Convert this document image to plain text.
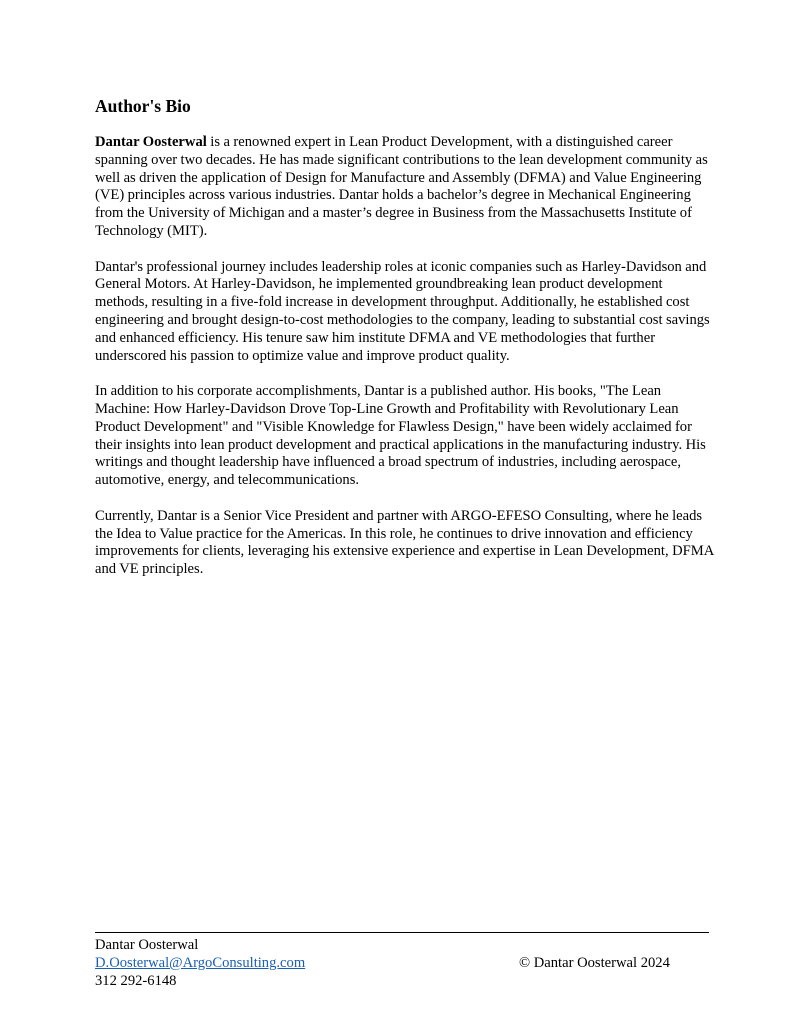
Author's Bio

Dantar Oosterwal is a renowned expert in Lean Product Development, with a distinguished career spanning over two decades. He has made significant contributions to the lean development community as well as driven the application of Design for Manufacture and Assembly (DFMA) and Value Engineering (VE) principles across various industries. Dantar holds a bachelor’s degree in Mechanical Engineering from the University of Michigan and a master’s degree in Business from the Massachusetts Institute of Technology (MIT).

Dantar's professional journey includes leadership roles at iconic companies such as Harley-Davidson and General Motors. At Harley-Davidson, he implemented groundbreaking lean product development methods, resulting in a five-fold increase in development throughput. Additionally, he established cost engineering and brought design-to-cost methodologies to the company, leading to substantial cost savings and enhanced efficiency. His tenure saw him institute DFMA and VE methodologies that further underscored his passion to optimize value and improve product quality.

In addition to his corporate accomplishments, Dantar is a published author. His books, "The Lean Machine: How Harley-Davidson Drove Top-Line Growth and Profitability with Revolutionary Lean Product Development" and "Visible Knowledge for Flawless Design," have been widely acclaimed for their insights into lean product development and practical applications in the manufacturing industry. His writings and thought leadership have influenced a broad spectrum of industries, including aerospace, automotive, energy, and telecommunications.

Currently, Dantar is a Senior Vice President and partner with ARGO-EFESO Consulting, where he leads the Idea to Value practice for the Americas. In this role, he continues to drive innovation and efficiency improvements for clients, leveraging his extensive experience and expertise in Lean Development, DFMA and VE principles.

Dantar Oosterwal
D.Oosterwal@ArgoConsulting.com
312 292-6148
© Dantar Oosterwal 2024
